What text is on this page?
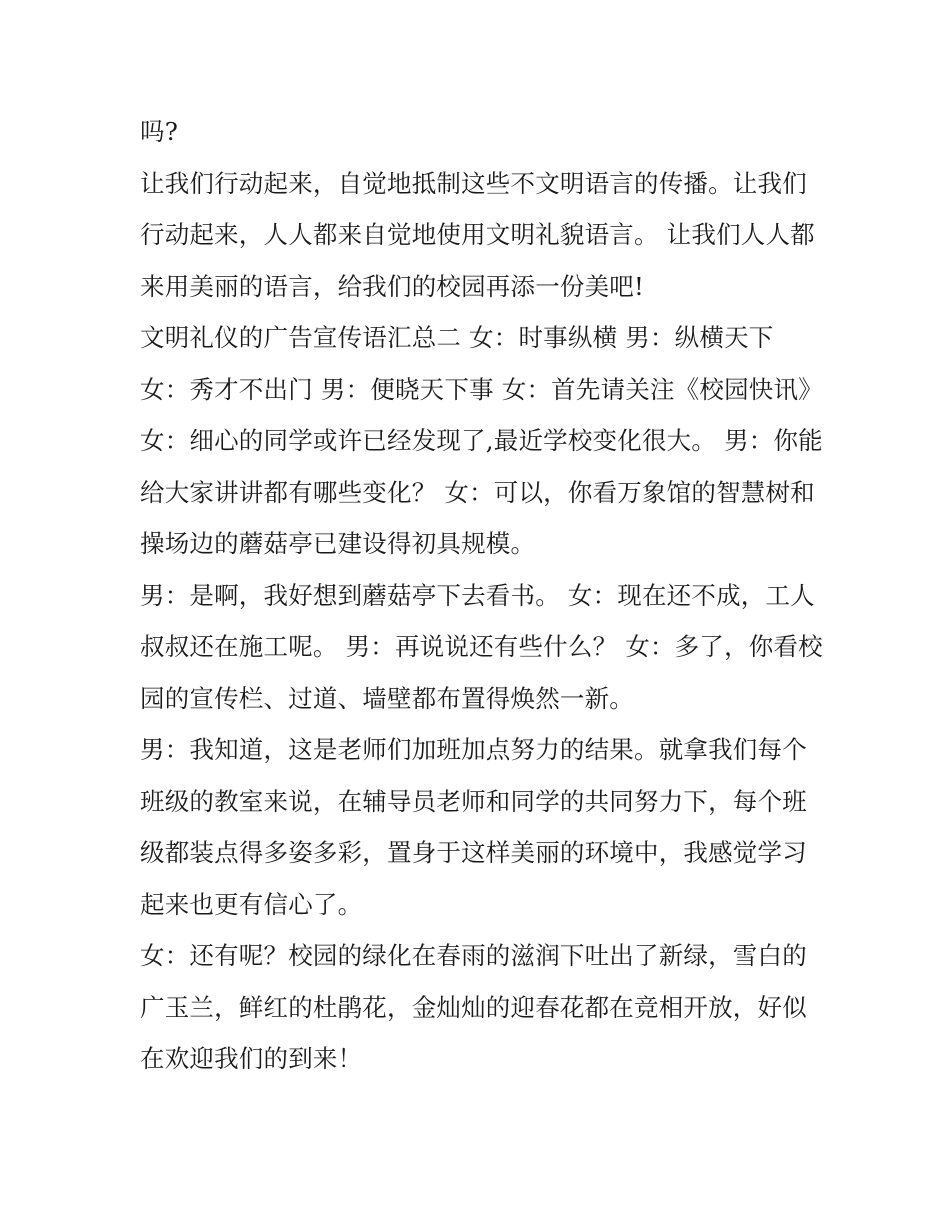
吗?

让我们行动起来，自觉地抵制这些不文明语言的传播。让我们行动起来，人人都来自觉地使用文明礼貌语言。 让我们人人都来用美丽的语言，给我们的校园再添一份美吧!

文明礼仪的广告宣传语汇总二 女：时事纵横 男：纵横天下 女：秀才不出门 男：便晓天下事 女：首先请关注《校园快讯》

女：细心的同学或许已经发现了,最近学校变化很大。 男：你能给大家讲讲都有哪些变化？ 女：可以，你看万象馆的智慧树和操场边的蘑菇亭已建设得初具规模。

男：是啊，我好想到蘑菇亭下去看书。 女：现在还不成，工人叔叔还在施工呢。 男：再说说还有些什么？ 女：多了，你看校园的宣传栏、过道、墙壁都布置得焕然一新。

男：我知道，这是老师们加班加点努力的结果。就拿我们每个班级的教室来说，在辅导员老师和同学的共同努力下，每个班级都装点得多姿多彩，置身于这样美丽的环境中，我感觉学习起来也更有信心了。

女：还有呢？校园的绿化在春雨的滋润下吐出了新绿，雪白的广玉兰，鲜红的杜鹃花，金灿灿的迎春花都在竞相开放，好似在欢迎我们的到来！
